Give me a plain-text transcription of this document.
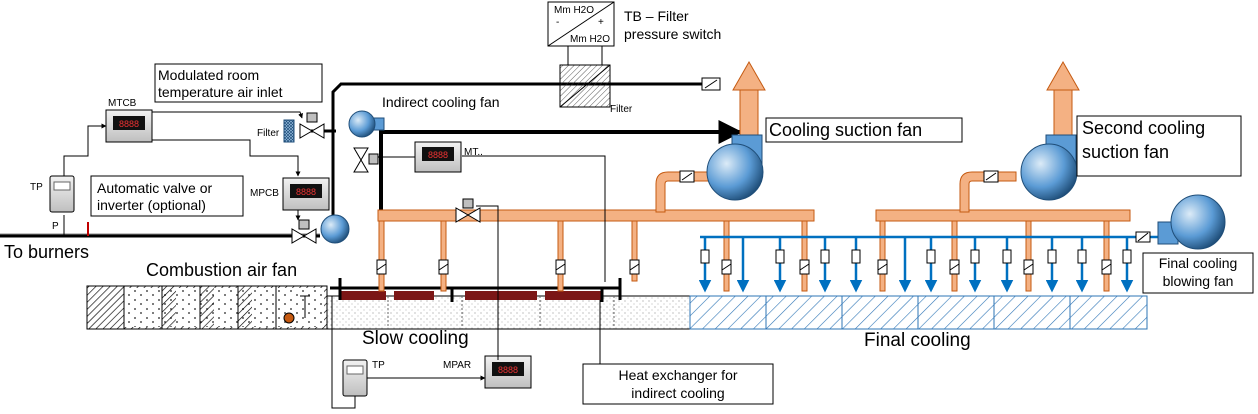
8888
8888
8888
8888
Mm H2O
-	+
Mm H2O
TB – Filter
pressure switch
Filter
Filter
Modulated room
temperature air inlet
Indirect cooling fan
Cooling suction fan	Second cooling
suction fan
MTCB
MPCB
MT..
TP
TP	MPAR
P
Automatic valve or
inverter (optional)
To burners
Combustion air fan	Final cooling
blowing fan
Slow cooling	Final cooling
Heat exchanger for
indirect cooling
